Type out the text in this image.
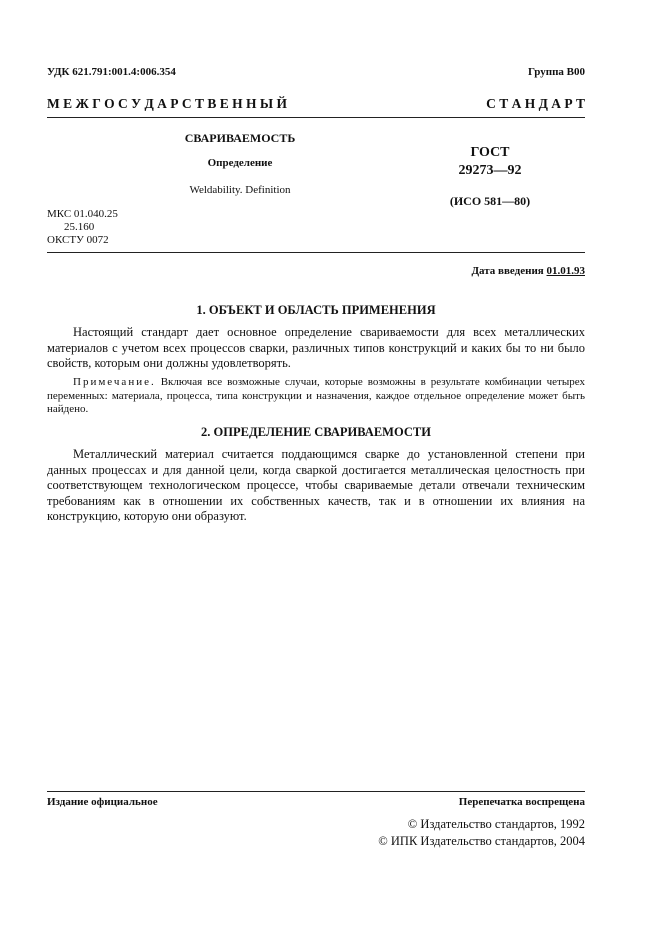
УДК 621.791:001.4:006.354	Группа В00
М Е Ж Г О С У Д А Р С Т В Е Н Н Ы Й	С Т А Н Д А Р Т
СВАРИВАЕМОСТЬ
Определение
Weldability. Definition
ГОСТ
29273—92
(ИСО 581—80)
МКС 01.040.25
25.160
ОКСТУ 0072
Дата введения 01.01.93
1. ОБЪЕКТ И ОБЛАСТЬ ПРИМЕНЕНИЯ
Настоящий стандарт дает основное определение свариваемости для всех металлических материалов с учетом всех процессов сварки, различных типов конструкций и каких бы то ни было свойств, которым они должны удовлетворять.
Примечание. Включая все возможные случаи, которые возможны в результате комбинации четырех переменных: материала, процесса, типа конструкции и назначения, каждое отдельное определение может быть найдено.
2. ОПРЕДЕЛЕНИЕ СВАРИВАЕМОСТИ
Металлический материал считается поддающимся сварке до установленной степени при данных процессах и для данной цели, когда сваркой достигается металлическая целостность при соответствующем технологическом процессе, чтобы свариваемые детали отвечали техническим требованиям как в отношении их собственных качеств, так и в отношении их влияния на конструкцию, которую они образуют.
Издание официальное	Перепечатка воспрещена
© Издательство стандартов, 1992
© ИПК Издательство стандартов, 2004
